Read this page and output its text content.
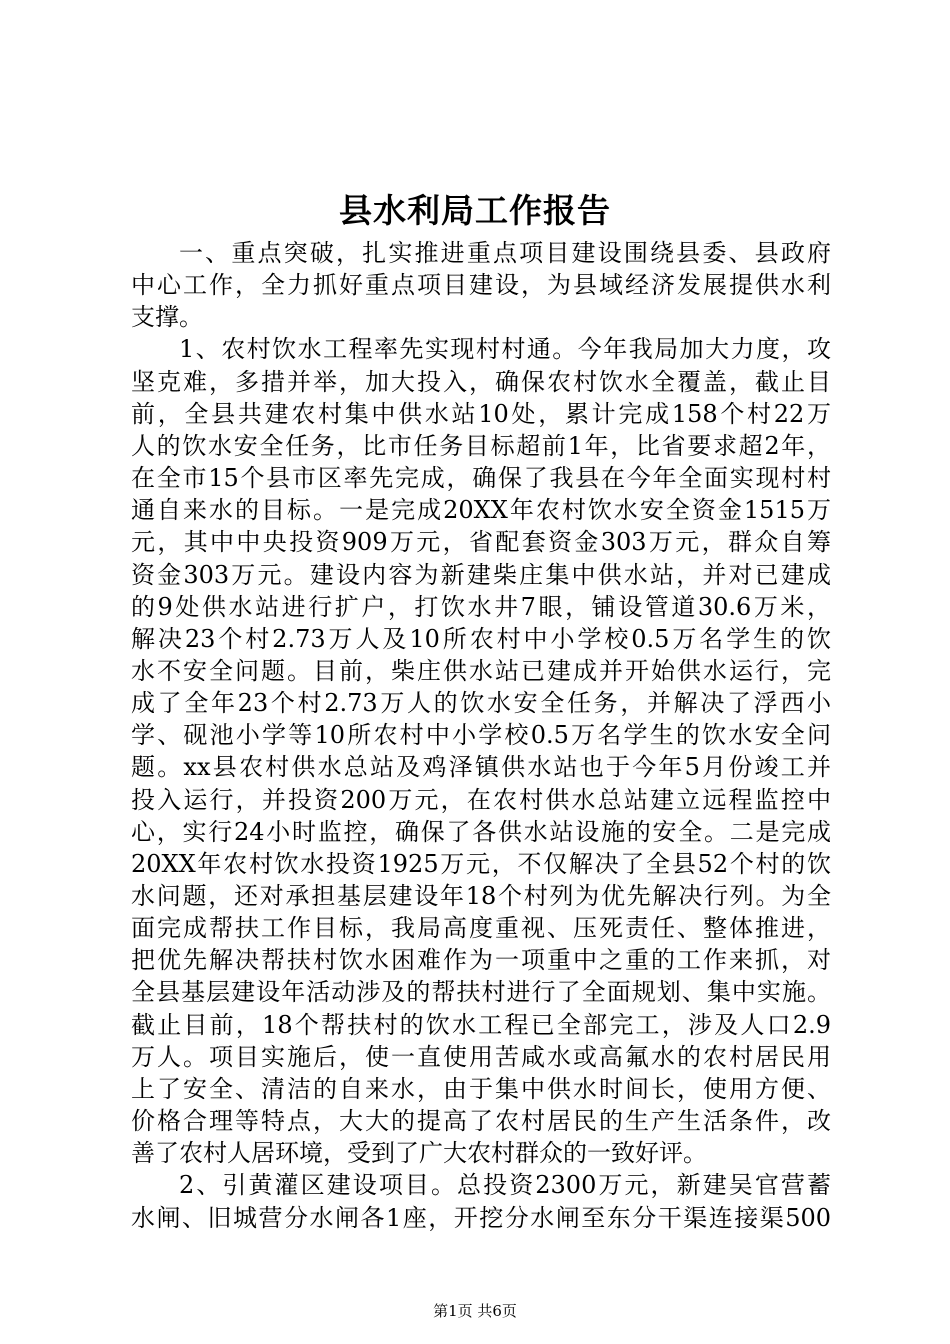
县水利局工作报告
一、重点突破，扎实推进重点项目建设围绕县委、县政府
中心工作，全力抓好重点项目建设，为县域经济发展提供水利
支撑。
1、农村饮水工程率先实现村村通。今年我局加大力度，攻
坚克难，多措并举，加大投入，确保农村饮水全覆盖，截止目
前，全县共建农村集中供水站10处，累计完成158个村22万
人的饮水安全任务，比市任务目标超前1年，比省要求超2年，
在全市15个县市区率先完成，确保了我县在今年全面实现村村
通自来水的目标。一是完成20XX年农村饮水安全资金1515万
元，其中中央投资909万元，省配套资金303万元，群众自筹
资金303万元。建设内容为新建柴庄集中供水站，并对已建成
的9处供水站进行扩户，打饮水井7眼，铺设管道30.6万米，
解决23个村2.73万人及10所农村中小学校0.5万名学生的饮
水不安全问题。目前，柴庄供水站已建成并开始供水运行，完
成了全年23个村2.73万人的饮水安全任务，并解决了浮西小
学、砚池小学等10所农村中小学校0.5万名学生的饮水安全问
题。xx县农村供水总站及鸡泽镇供水站也于今年5月份竣工并
投入运行，并投资200万元，在农村供水总站建立远程监控中
心，实行24小时监控，确保了各供水站设施的安全。二是完成
20XX年农村饮水投资1925万元，不仅解决了全县52个村的饮
水问题，还对承担基层建设年18个村列为优先解决行列。为全
面完成帮扶工作目标，我局高度重视、压死责任、整体推进，
把优先解决帮扶村饮水困难作为一项重中之重的工作来抓，对
全县基层建设年活动涉及的帮扶村进行了全面规划、集中实施。
截止目前，18个帮扶村的饮水工程已全部完工，涉及人口2.9
万人。项目实施后，使一直使用苦咸水或高氟水的农村居民用
上了安全、清洁的自来水，由于集中供水时间长，使用方便、
价格合理等特点，大大的提高了农村居民的生产生活条件，改
善了农村人居环境，受到了广大农村群众的一致好评。
2、引黄灌区建设项目。总投资2300万元，新建吴官营蓄
水闸、旧城营分水闸各1座，开挖分水闸至东分干渠连接渠500
第1页 共6页
